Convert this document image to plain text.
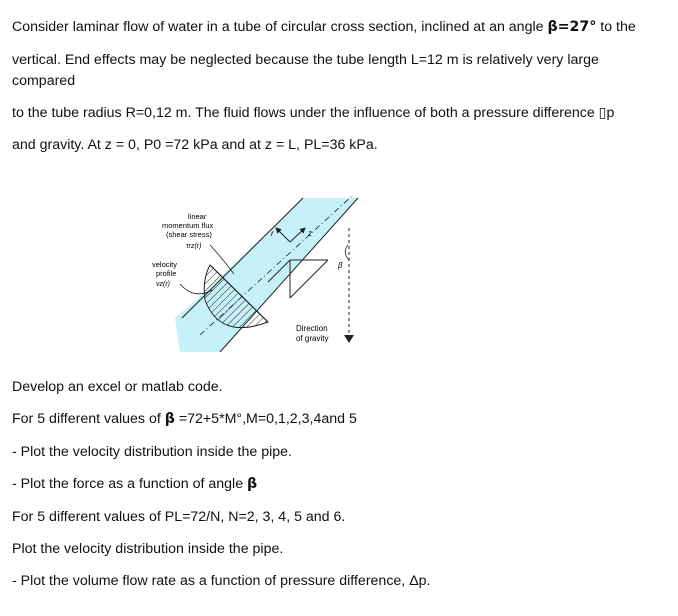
Consider laminar flow of water in a tube of circular cross section, inclined at an angle β=27° to the

vertical. End effects may be neglected because the tube length L=12 m is relatively very large

compared

to the tube radius R=0,12 m. The fluid flows under the influence of both a pressure difference ▯p

and gravity. At z = 0, P0 =72 kPa and at z = L, PL=36 kPa.

z
r
β
Direction
of gravity
linear
momentum flux
(shear stress)
τrz(r)
velocity
profile
vz(r)

Develop an excel or matlab code.

For 5 different values of β =72+5*M°,M=0,1,2,3,4and 5

- Plot the velocity distribution inside the pipe.

- Plot the force as a function of angle β

For 5 different values of PL=72/N, N=2, 3, 4, 5 and 6.

Plot the velocity distribution inside the pipe.

- Plot the volume flow rate as a function of pressure difference, Δp.
